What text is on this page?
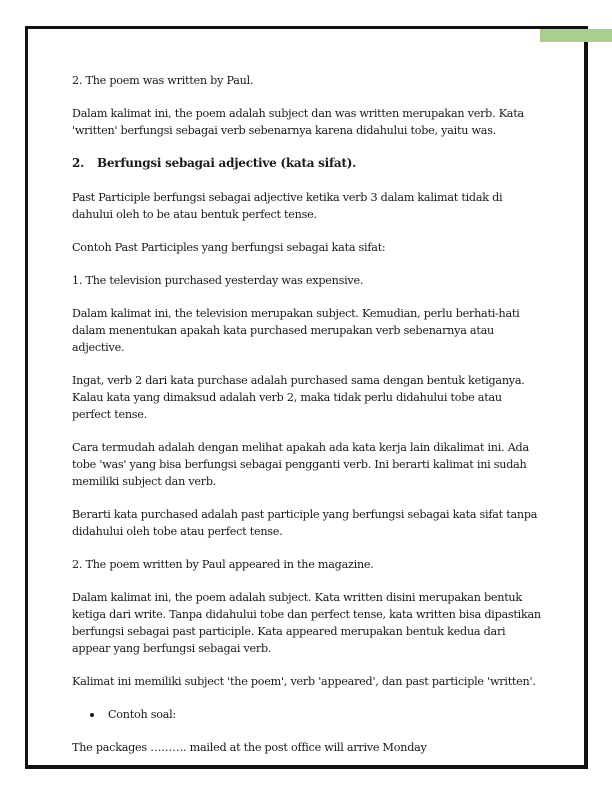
2. The poem was written by Paul.

Dalam kalimat ini, the poem adalah subject dan was written merupakan verb. Kata 'written' berfungsi sebagai verb sebenarnya karena didahului tobe, yaitu was.

2.	Berfungsi sebagai adjective (kata sifat).

Past Participle berfungsi sebagai adjective ketika verb 3 dalam kalimat tidak di dahului oleh to be atau bentuk perfect tense.

Contoh Past Participles yang berfungsi sebagai kata sifat:

1. The television purchased yesterday was expensive.

Dalam kalimat ini, the television merupakan subject. Kemudian, perlu berhati-hati dalam menentukan apakah kata purchased merupakan verb sebenarnya atau adjective.

Ingat, verb 2 dari kata purchase adalah purchased sama dengan bentuk ketiganya. Kalau kata yang dimaksud adalah verb 2, maka tidak perlu didahului tobe atau perfect tense.

Cara termudah adalah dengan melihat apakah ada kata kerja lain dikalimat ini. Ada tobe 'was' yang bisa berfungsi sebagai pengganti verb. Ini berarti kalimat ini sudah memiliki subject dan verb.

Berarti kata purchased adalah past participle yang berfungsi sebagai kata sifat tanpa didahului oleh tobe atau perfect tense.

2. The poem written by Paul appeared in the magazine.

Dalam kalimat ini, the poem adalah subject. Kata written disini merupakan bentuk ketiga dari write. Tanpa didahului tobe dan perfect tense, kata written bisa dipastikan berfungsi sebagai past participle. Kata appeared merupakan bentuk kedua dari appear yang berfungsi sebagai verb.

Kalimat ini memiliki subject 'the poem', verb 'appeared', dan past participle 'written'.

Contoh soal:

The packages ………. mailed at the post office will arrive Monday
